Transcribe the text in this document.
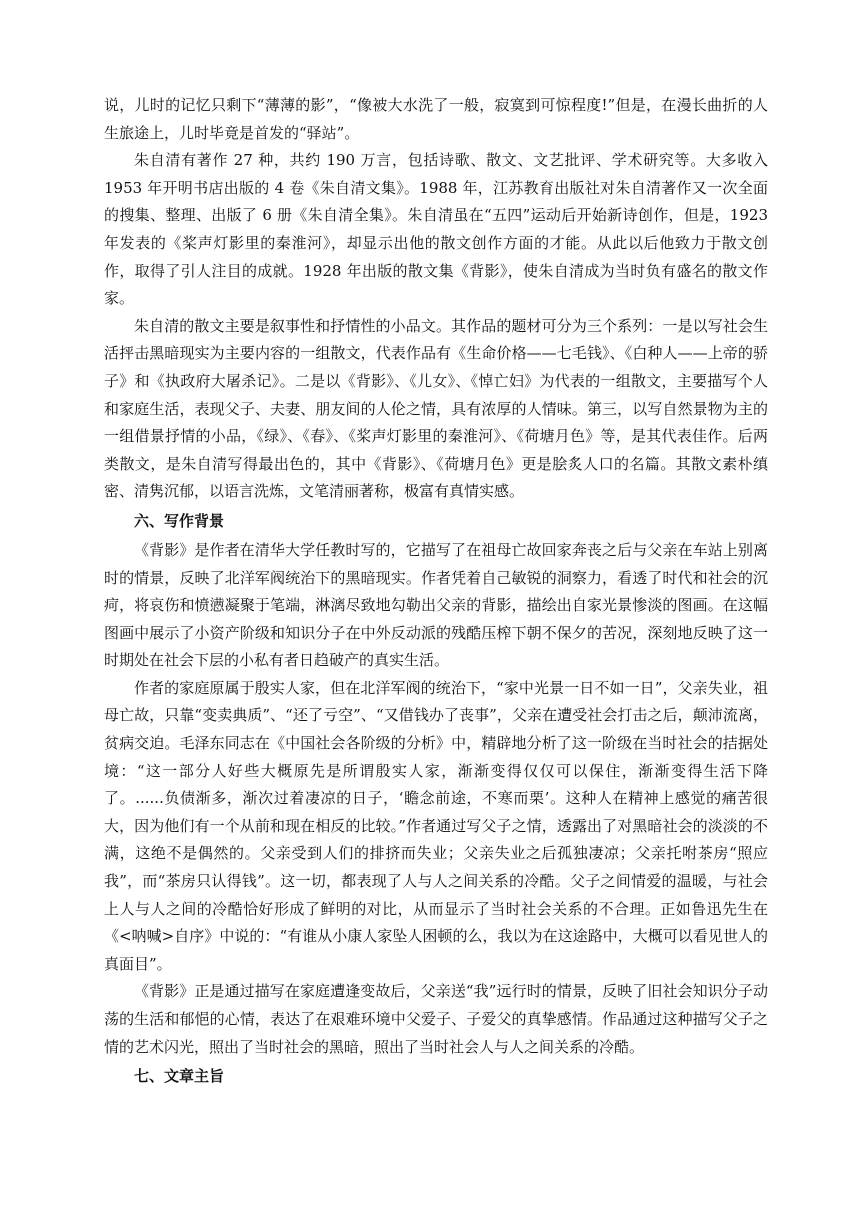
说，儿时的记忆只剩下“薄薄的影”，“像被大水洗了一般，寂寞到可惊程度!”但是，在漫长曲折的人生旅途上，儿时毕竟是首发的“驿站”。

朱自清有著作 27 种，共约 190 万言，包括诗歌、散文、文艺批评、学术研究等。大多收入 1953 年开明书店出版的 4 卷《朱自清文集》。1988 年，江苏教育出版社对朱自清著作又一次全面的搜集、整理、出版了 6 册《朱自清全集》。朱自清虽在“五四”运动后开始新诗创作，但是，1923 年发表的《桨声灯影里的秦淮河》，却显示出他的散文创作方面的才能。从此以后他致力于散文创作，取得了引人注目的成就。1928 年出版的散文集《背影》，使朱自清成为当时负有盛名的散文作家。

朱自清的散文主要是叙事性和抒情性的小品文。其作品的题材可分为三个系列：一是以写社会生活抨击黑暗现实为主要内容的一组散文，代表作品有《生命价格——七毛钱》、《白种人——上帝的骄子》和《执政府大屠杀记》。二是以《背影》、《儿女》、《悼亡妇》为代表的一组散文，主要描写个人和家庭生活，表现父子、夫妻、朋友间的人伦之情，具有浓厚的人情味。第三，以写自然景物为主的一组借景抒情的小品，《绿》、《春》、《桨声灯影里的秦淮河》、《荷塘月色》等，是其代表佳作。后两类散文，是朱自清写得最出色的，其中《背影》、《荷塘月色》更是脍炙人口的名篇。其散文素朴缜密、清隽沉郁，以语言洗炼，文笔清丽著称，极富有真情实感。

六、写作背景

《背影》是作者在清华大学任教时写的，它描写了在祖母亡故回家奔丧之后与父亲在车站上别离时的情景，反映了北洋军阀统治下的黑暗现实。作者凭着自己敏锐的洞察力，看透了时代和社会的沉疴，将哀伤和愤懑凝聚于笔端，淋漓尽致地勾勒出父亲的背影，描绘出自家光景惨淡的图画。在这幅图画中展示了小资产阶级和知识分子在中外反动派的残酷压榨下朝不保夕的苦况，深刻地反映了这一时期处在社会下层的小私有者日趋破产的真实生活。

作者的家庭原属于殷实人家，但在北洋军阀的统治下，“家中光景一日不如一日”，父亲失业，祖母亡故，只靠“变卖典质”、“还了亏空”、“又借钱办了丧事”，父亲在遭受社会打击之后，颠沛流离，贫病交迫。毛泽东同志在《中国社会各阶级的分析》中，精辟地分析了这一阶级在当时社会的拮据处境：“这一部分人好些大概原先是所谓殷实人家，渐渐变得仅仅可以保住，渐渐变得生活下降了。......负债渐多，渐次过着凄凉的日子，‘瞻念前途，不寒而栗’。这种人在精神上感觉的痛苦很大，因为他们有一个从前和现在相反的比较。”作者通过写父子之情，透露出了对黑暗社会的淡淡的不满，这绝不是偶然的。父亲受到人们的排挤而失业；父亲失业之后孤独凄凉；父亲托咐茶房“照应我”，而“茶房只认得钱”。这一切，都表现了人与人之间关系的冷酷。父子之间情爱的温暖，与社会上人与人之间的冷酷恰好形成了鲜明的对比，从而显示了当时社会关系的不合理。正如鲁迅先生在《<呐喊>自序》中说的：“有谁从小康人家坠人困顿的么，我以为在这途路中，大概可以看见世人的真面目”。

《背影》正是通过描写在家庭遭逢变故后，父亲送“我”远行时的情景，反映了旧社会知识分子动荡的生活和郁悒的心情，表达了在艰难环境中父爱子、子爱父的真挚感情。作品通过这种描写父子之情的艺术闪光，照出了当时社会的黑暗，照出了当时社会人与人之间关系的冷酷。

七、文章主旨
